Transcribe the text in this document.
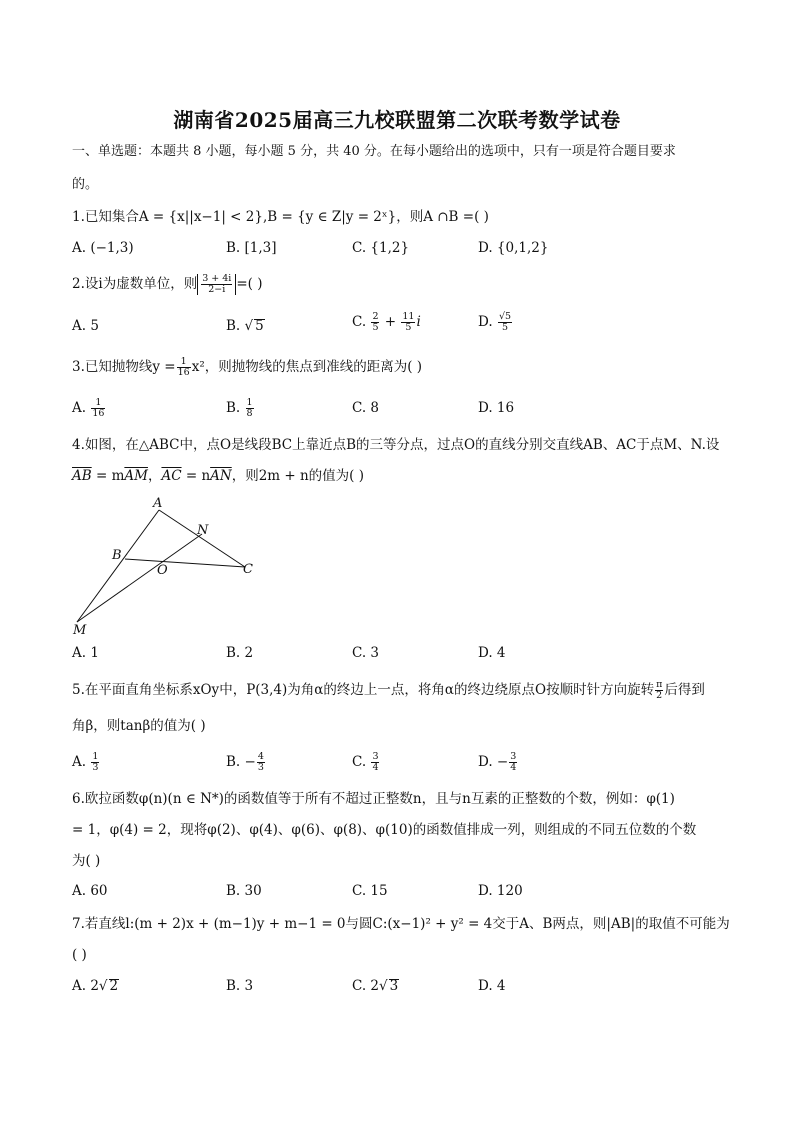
湖南省2025届高三九校联盟第二次联考数学试卷
一、单选题：本题共 8 小题，每小题 5 分，共 40 分。在每小题给出的选项中，只有一项是符合题目要求
的。
1.已知集合A = {x||x−1| < 2},B = {y ∈ Z|y = 2ˣ}，则A ∩B =( )
A. (−1,3)	B. [1,3]	C. {1,2}	D. {0,1,2}
2.设i为虚数单位，则 $\frac{3 + 4i}{2-i}$ =( )
A. 5	B. √ 5	C. $\frac{2}{5} + \frac{11}{5}$ i	D. $\frac{√5}{5}$
3.已知抛物线$y = \frac{1}{16} x^2$，则抛物线的焦点到准线的距离为( )
A. $\frac{1}{16}$	B. $\frac{1}{8}$	C. 8	D. 16
4.如图，在△ABC中，点O是线段BC上靠近点B的三等分点，过点O的直线分别交直线AB、AC于点M、N.设
$\overline{AB} = m\overline{AM}$，$\overline{AC} = n\overline{AN}$，则2m + n的值为( )
A
N
B
O	C
M
A. 1	B. 2	C. 3	D. 4
5.在平面直角坐标系xOy中，P(3,4)为角α的终边上一点，将角α的终边绕原点O按顺时针方向旋转 $\frac{\pi}{2}$ 后得到
角β，则tanβ的值为( )
A. $\frac{1}{3}$	B. − $\frac{4}{3}$	C. $\frac{3}{4}$	D. − $\frac{3}{4}$
6.欧拉函数φ(n)(n ∈ N*)的函数值等于所有不超过正整数n，且与n互素的正整数的个数，例如：φ(1)
= 1，φ(4) = 2，现将φ(2)、φ(4)、φ(6)、φ(8)、φ(10)的函数值排成一列，则组成的不同五位数的个数
为( )
A. 60	B. 30	C. 15	D. 120
7.若直线l:(m + 2)x + (m−1)y + m−1 = 0与圆C:(x−1)² + y² = 4交于A、B两点，则|AB|的取值不可能为
( )
A. 2√ 2	B. 3	C. 2√ 3	D. 4
